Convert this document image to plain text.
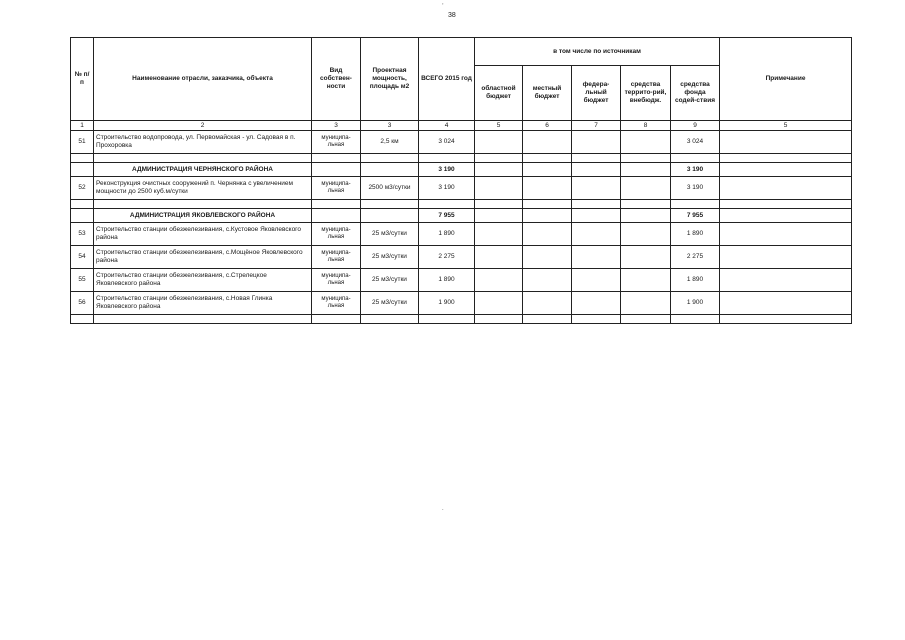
,
38
-
.
№ п/п	Наименование отрасли, заказчика, объекта	Вид собствен-ности	Проектная мощность, площадь м2	ВСЕГО 2015 год	в том числе по источникам					Примечание
					областной бюджет	местный бюджет	федера-льный бюджет	средства террито-рий, внебюдж.	средства фонда содей-ствия	
1	2	3	3	4	5	6	7	8	9	5
51	Строительство водопровода, ул. Первомайская - ул. Садовая в п. Прохоровка	муниципа-льная	2,5 км	3 024					3 024	

	АДМИНИСТРАЦИЯ ЧЕРНЯНСКОГО РАЙОНА			3 190					3 190	
52	Реконструкция очистных сооружений п. Чернянка с увеличением мощности до 2500 куб.м/сутки	муниципа-льная	2500 м3/сутки	3 190					3 190	

	АДМИНИСТРАЦИЯ ЯКОВЛЕВСКОГО РАЙОНА			7 955					7 955	
53	Строительство станции обезжелезивания, с.Кустовое Яковлевского района	муниципа-льная	25 м3/сутки	1 890					1 890	
54	Строительство станции обезжелезивания, с.Мощёное Яковлевского района	муниципа-льная	25 м3/сутки	2 275					2 275	
55	Строительство станции обезжелезивания, с.Стрелецкое Яковлевского района	муниципа-льная	25 м3/сутки	1 890					1 890	
56	Строительство станции обезжелезивания, с.Новая Глинка Яковлевского района	муниципа-льная	25 м3/сутки	1 900					1 900	
